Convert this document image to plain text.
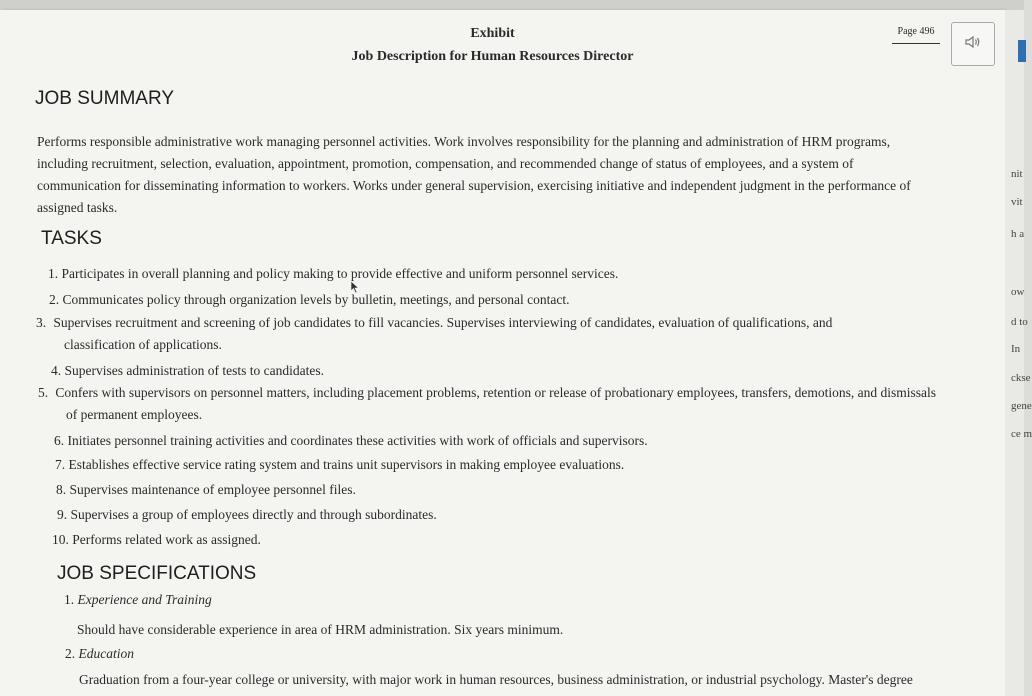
Exhibit
Job Description for Human Resources Director
Page 496
JOB SUMMARY
Performs responsible administrative work managing personnel activities. Work involves responsibility for the planning and administration of HRM programs, including recruitment, selection, evaluation, appointment, promotion, compensation, and recommended change of status of employees, and a system of communication for disseminating information to workers. Works under general supervision, exercising initiative and independent judgment in the performance of assigned tasks.
TASKS
1. Participates in overall planning and policy making to provide effective and uniform personnel services.
2. Communicates policy through organization levels by bulletin, meetings, and personal contact.
3. Supervises recruitment and screening of job candidates to fill vacancies. Supervises interviewing of candidates, evaluation of qualifications, and classification of applications.
4. Supervises administration of tests to candidates.
5. Confers with supervisors on personnel matters, including placement problems, retention or release of probationary employees, transfers, demotions, and dismissals of permanent employees.
6. Initiates personnel training activities and coordinates these activities with work of officials and supervisors.
7. Establishes effective service rating system and trains unit supervisors in making employee evaluations.
8. Supervises maintenance of employee personnel files.
9. Supervises a group of employees directly and through subordinates.
10. Performs related work as assigned.
JOB SPECIFICATIONS
1. Experience and Training
Should have considerable experience in area of HRM administration. Six years minimum.
2. Education
Graduation from a four-year college or university, with major work in human resources, business administration, or industrial psychology. Master's degree
nit
vit
h a
ow
d to
In
ckse
gene
ce m
